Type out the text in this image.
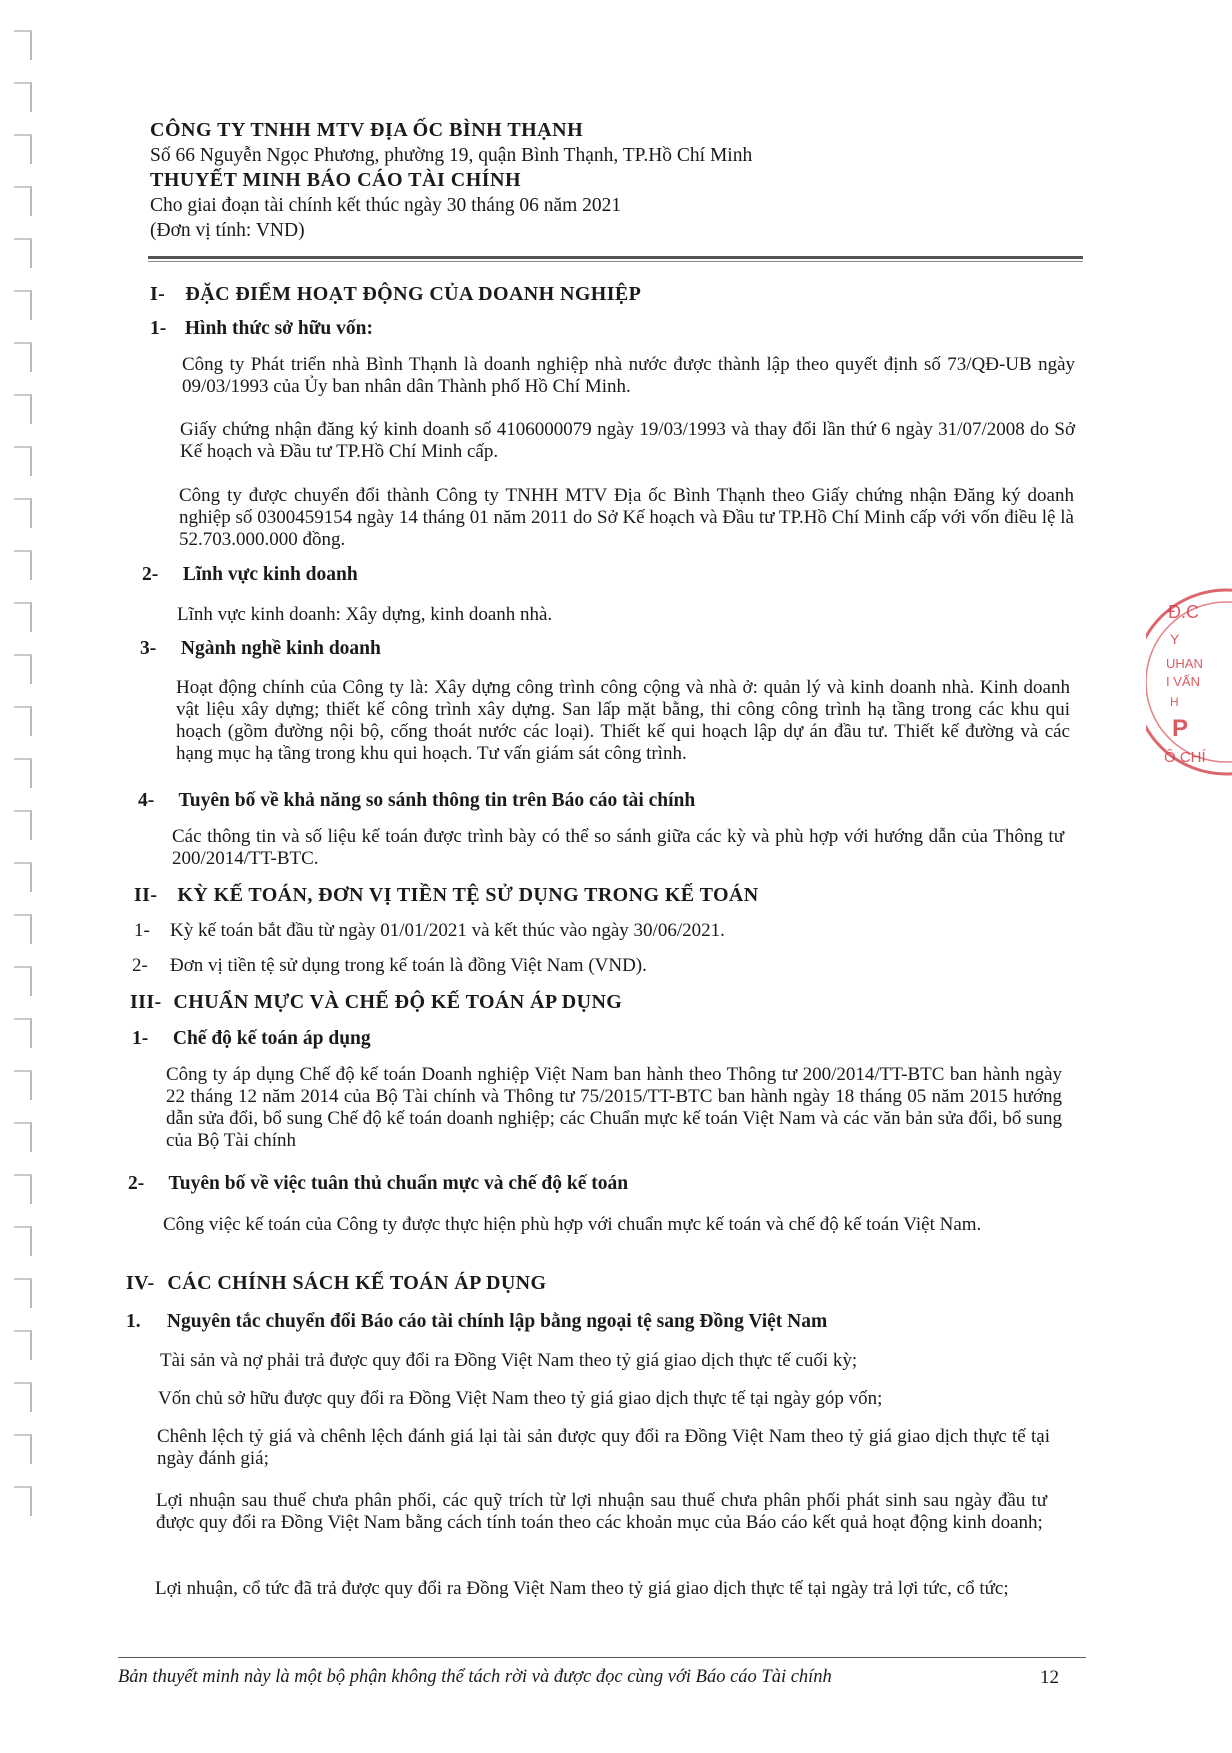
CÔNG TY TNHH MTV ĐỊA ỐC BÌNH THẠNH
Số 66 Nguyễn Ngọc Phương, phường 19, quận Bình Thạnh, TP.Hồ Chí Minh
THUYẾT MINH BÁO CÁO TÀI CHÍNH
Cho giai đoạn tài chính kết thúc ngày 30 tháng 06 năm 2021
(Đơn vị tính: VND)
I- ĐẶC ĐIỂM HOẠT ĐỘNG CỦA DOANH NGHIỆP
1- Hình thức sở hữu vốn:
Công ty Phát triển nhà Bình Thạnh là doanh nghiệp nhà nước được thành lập theo quyết định số 73/QĐ-UB ngày 09/03/1993 của Ủy ban nhân dân Thành phố Hồ Chí Minh.
Giấy chứng nhận đăng ký kinh doanh số 4106000079 ngày 19/03/1993 và thay đổi lần thứ 6 ngày 31/07/2008 do Sở Kế hoạch và Đầu tư TP.Hồ Chí Minh cấp.
Công ty được chuyển đổi thành Công ty TNHH MTV Địa ốc Bình Thạnh theo Giấy chứng nhận Đăng ký doanh nghiệp số 0300459154 ngày 14 tháng 01 năm 2011 do Sở Kế hoạch và Đầu tư TP.Hồ Chí Minh cấp với vốn điều lệ là 52.703.000.000 đồng.
2- Lĩnh vực kinh doanh
Lĩnh vực kinh doanh: Xây dựng, kinh doanh nhà.
3- Ngành nghề kinh doanh
Hoạt động chính của Công ty là: Xây dựng công trình công cộng và nhà ở: quản lý và kinh doanh nhà. Kinh doanh vật liệu xây dựng; thiết kế công trình xây dựng. San lấp mặt bằng, thi công công trình hạ tầng trong các khu qui hoạch (gồm đường nội bộ, cống thoát nước các loại). Thiết kế qui hoạch lập dự án đầu tư. Thiết kế đường và các hạng mục hạ tầng trong khu qui hoạch. Tư vấn giám sát công trình.
4- Tuyên bố về khả năng so sánh thông tin trên Báo cáo tài chính
Các thông tin và số liệu kế toán được trình bày có thể so sánh giữa các kỳ và phù hợp với hướng dẫn của Thông tư 200/2014/TT-BTC.
II- KỲ KẾ TOÁN, ĐƠN VỊ TIỀN TỆ SỬ DỤNG TRONG KẾ TOÁN
1- Kỳ kế toán bắt đầu từ ngày 01/01/2021 và kết thúc vào ngày 30/06/2021.
2- Đơn vị tiền tệ sử dụng trong kế toán là đồng Việt Nam (VND).
III- CHUẨN MỰC VÀ CHẾ ĐỘ KẾ TOÁN ÁP DỤNG
1- Chế độ kế toán áp dụng
Công ty áp dụng Chế độ kế toán Doanh nghiệp Việt Nam ban hành theo Thông tư 200/2014/TT-BTC ban hành ngày 22 tháng 12 năm 2014 của Bộ Tài chính và Thông tư 75/2015/TT-BTC ban hành ngày 18 tháng 05 năm 2015 hướng dẫn sửa đổi, bổ sung Chế độ kế toán doanh nghiệp; các Chuẩn mực kế toán Việt Nam và các văn bản sửa đổi, bổ sung của Bộ Tài chính
2- Tuyên bố về việc tuân thủ chuẩn mực và chế độ kế toán
Công việc kế toán của Công ty được thực hiện phù hợp với chuẩn mực kế toán và chế độ kế toán Việt Nam.
IV- CÁC CHÍNH SÁCH KẾ TOÁN ÁP DỤNG
1. Nguyên tắc chuyển đổi Báo cáo tài chính lập bằng ngoại tệ sang Đồng Việt Nam
Tài sản và nợ phải trả được quy đổi ra Đồng Việt Nam theo tỷ giá giao dịch thực tế cuối kỳ;
Vốn chủ sở hữu được quy đổi ra Đồng Việt Nam theo tỷ giá giao dịch thực tế tại ngày góp vốn;
Chênh lệch tỷ giá và chênh lệch đánh giá lại tài sản được quy đổi ra Đồng Việt Nam theo tỷ giá giao dịch thực tế tại ngày đánh giá;
Lợi nhuận sau thuế chưa phân phối, các quỹ trích từ lợi nhuận sau thuế chưa phân phối phát sinh sau ngày đầu tư được quy đổi ra Đồng Việt Nam bằng cách tính toán theo các khoản mục của Báo cáo kết quả hoạt động kinh doanh;
Lợi nhuận, cổ tức đã trả được quy đổi ra Đồng Việt Nam theo tỷ giá giao dịch thực tế tại ngày trả lợi tức, cổ tức;
Đ.C
Y
UHAN
I VẤN
H
P
Ô CHÍ
Bản thuyết minh này là một bộ phận không thể tách rời và được đọc cùng với Báo cáo Tài chính	12
